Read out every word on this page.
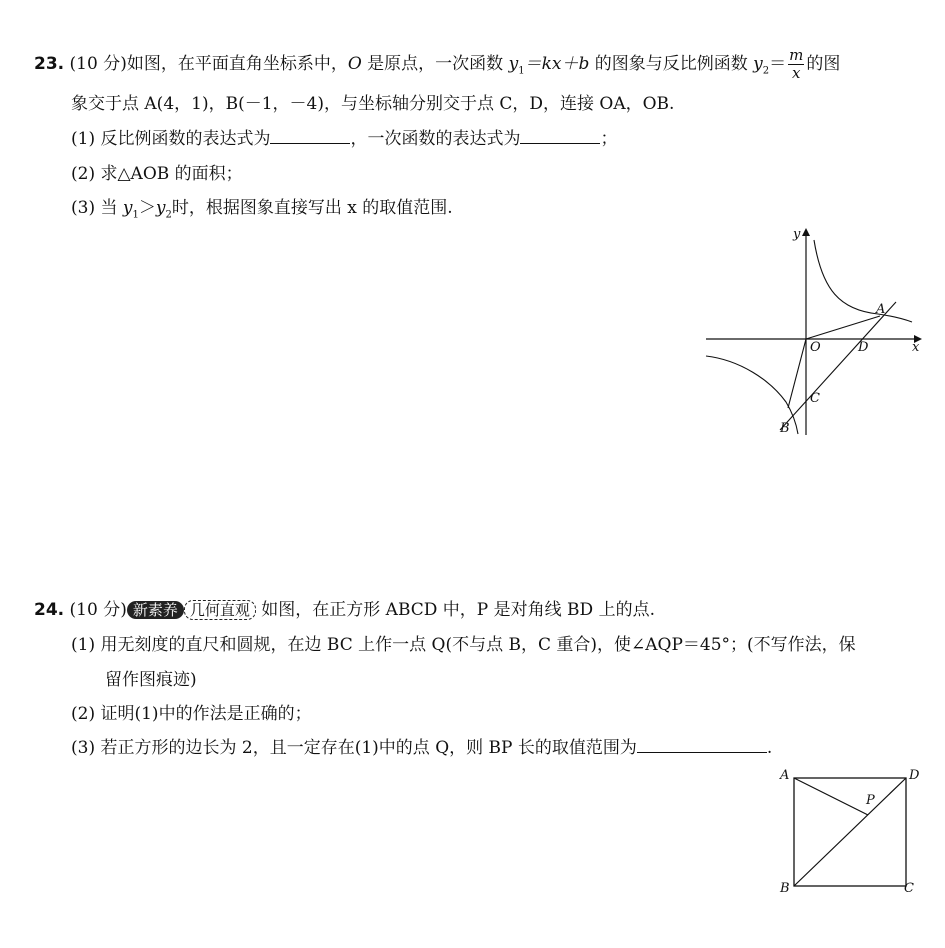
23. (10 分)如图，在平面直角坐标系中，O 是原点，一次函数 $y_1=kx+b$ 的图象与反比例函数 $y_2= \frac{m}{x}$ 的图
象交于点 A(4，1)，B(－1，－4)，与坐标轴分别交于点 C，D，连接 OA，OB.
(1) 反比例函数的表达式为	，一次函数的表达式为	；
(2) 求△AOB 的面积；
(3) 当 $y_1>y_2$时，根据图象直接写出 x 的取值范围.
y
x
O
A
B
C
D
24. (10 分) 新素养 几何直观 如图，在正方形 ABCD 中，P 是对角线 BD 上的点.
(1) 用无刻度的直尺和圆规，在边 BC 上作一点 Q(不与点 B，C 重合)，使∠AQP＝45°；(不写作法，保
留作图痕迹)
(2) 证明(1)中的作法是正确的；
(3) 若正方形的边长为 2，且一定存在(1)中的点 Q，则 BP 长的取值范围为	.
A	D
B	C
P
